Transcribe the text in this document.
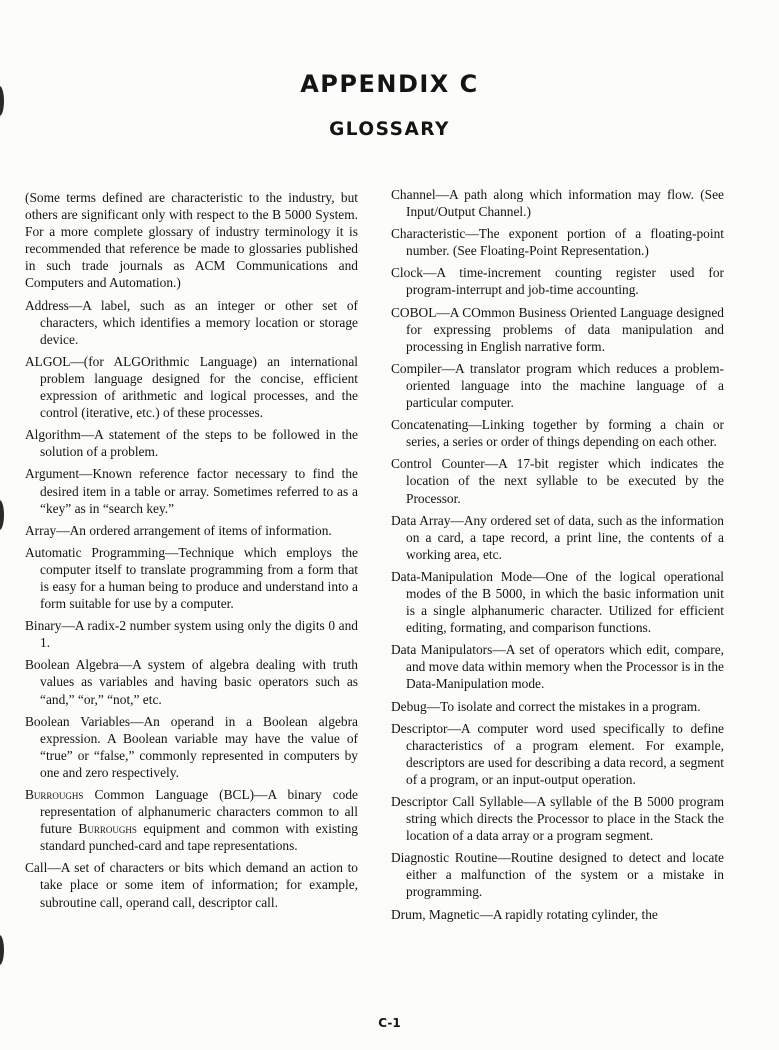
APPENDIX C
GLOSSARY

(Some terms defined are characteristic to the industry, but others are significant only with respect to the B 5000 System. For a more complete glossary of industry terminology it is recommended that reference be made to glossaries published in such trade journals as ACM Communications and Computers and Automation.)

Address—A label, such as an integer or other set of characters, which identifies a memory location or storage device.

ALGOL—(for ALGOrithmic Language) an international problem language designed for the concise, efficient expression of arithmetic and logical processes, and the control (iterative, etc.) of these processes.

Algorithm—A statement of the steps to be followed in the solution of a problem.

Argument—Known reference factor necessary to find the desired item in a table or array. Sometimes referred to as a “key” as in “search key.”

Array—An ordered arrangement of items of information.

Automatic Programming—Technique which employs the computer itself to translate programming from a form that is easy for a human being to produce and understand into a form suitable for use by a computer.

Binary—A radix-2 number system using only the digits 0 and 1.

Boolean Algebra—A system of algebra dealing with truth values as variables and having basic operators such as “and,” “or,” “not,” etc.

Boolean Variables—An operand in a Boolean algebra expression. A Boolean variable may have the value of “true” or “false,” commonly represented in computers by one and zero respectively.

Burroughs Common Language (BCL)—A binary code representation of alphanumeric characters common to all future Burroughs equipment and common with existing standard punched-card and tape representations.

Call—A set of characters or bits which demand an action to take place or some item of information; for example, subroutine call, operand call, descriptor call.

Channel—A path along which information may flow. (See Input/Output Channel.)

Characteristic—The exponent portion of a floating-point number. (See Floating-Point Representation.)

Clock—A time-increment counting register used for program-interrupt and job-time accounting.

COBOL—A COmmon Business Oriented Language designed for expressing problems of data manipulation and processing in English narrative form.

Compiler—A translator program which reduces a problem-oriented language into the machine language of a particular computer.

Concatenating—Linking together by forming a chain or series, a series or order of things depending on each other.

Control Counter—A 17-bit register which indicates the location of the next syllable to be executed by the Processor.

Data Array—Any ordered set of data, such as the information on a card, a tape record, a print line, the contents of a working area, etc.

Data-Manipulation Mode—One of the logical operational modes of the B 5000, in which the basic information unit is a single alphanumeric character. Utilized for efficient editing, formating, and comparison functions.

Data Manipulators—A set of operators which edit, compare, and move data within memory when the Processor is in the Data-Manipulation mode.

Debug—To isolate and correct the mistakes in a program.

Descriptor—A computer word used specifically to define characteristics of a program element. For example, descriptors are used for describing a data record, a segment of a program, or an input-output operation.

Descriptor Call Syllable—A syllable of the B 5000 program string which directs the Processor to place in the Stack the location of a data array or a program segment.

Diagnostic Routine—Routine designed to detect and locate either a malfunction of the system or a mistake in programming.

Drum, Magnetic—A rapidly rotating cylinder, the

C-1
